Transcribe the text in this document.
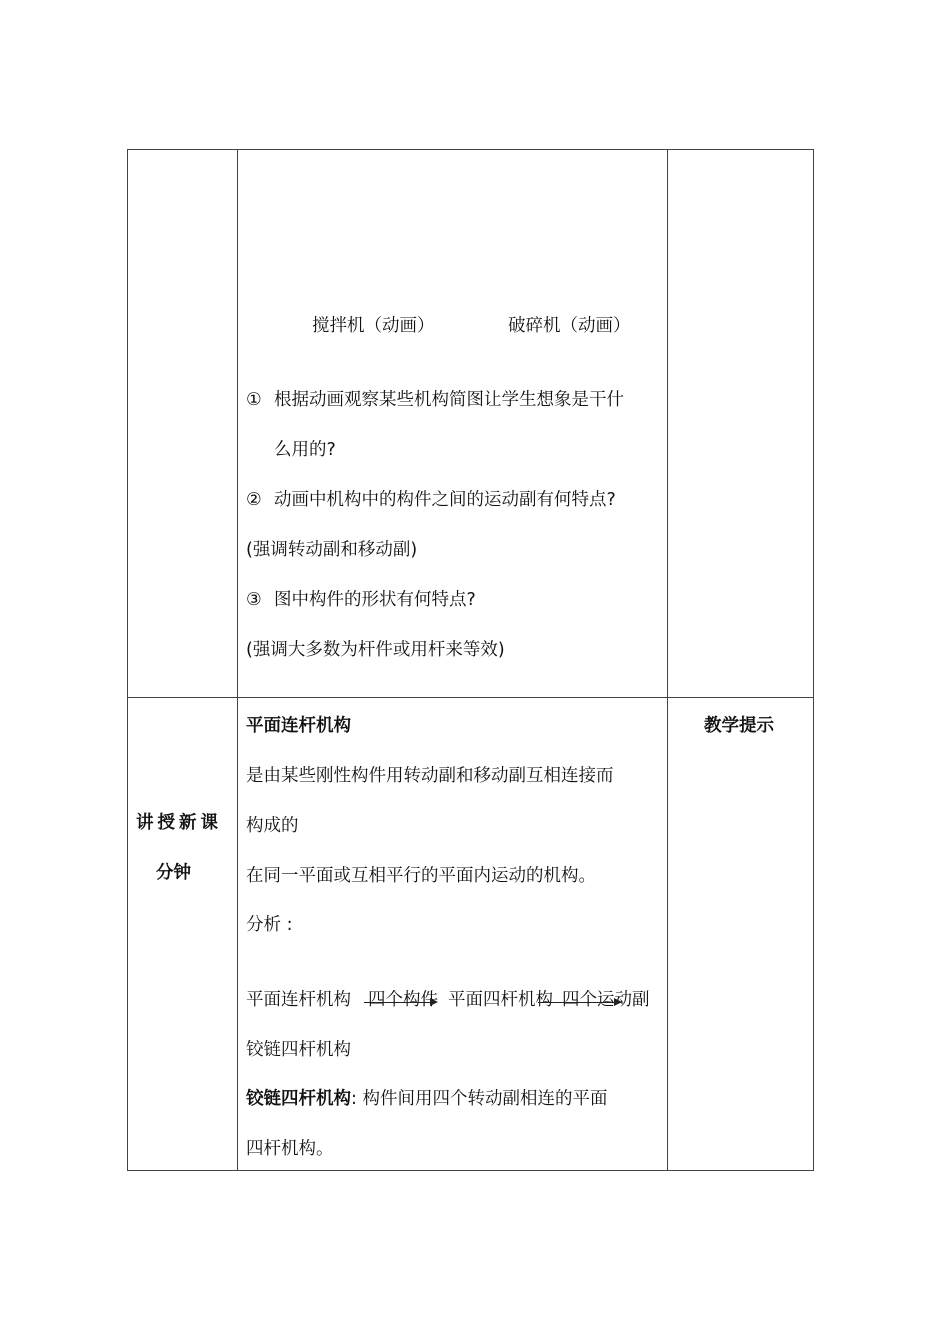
搅拌机（动画）	破碎机（动画）
① 根据动画观察某些机构简图让学生想象是干什
么用的?
② 动画中机构中的构件之间的运动副有何特点?
(强调转动副和移动副)
③ 图中构件的形状有何特点?
(强调大多数为杆件或用杆来等效)
讲授新课
分钟
平面连杆机构
是由某些刚性构件用转动副和移动副互相连接而
构成的
在同一平面或互相平行的平面内运动的机构。
分析 :
平面连杆机构 四个构件 平面四杆机构 四个运动副
铰链四杆机构
铰链四杆机构: 构件间用四个转动副相连的平面
四杆机构。
教学提示
